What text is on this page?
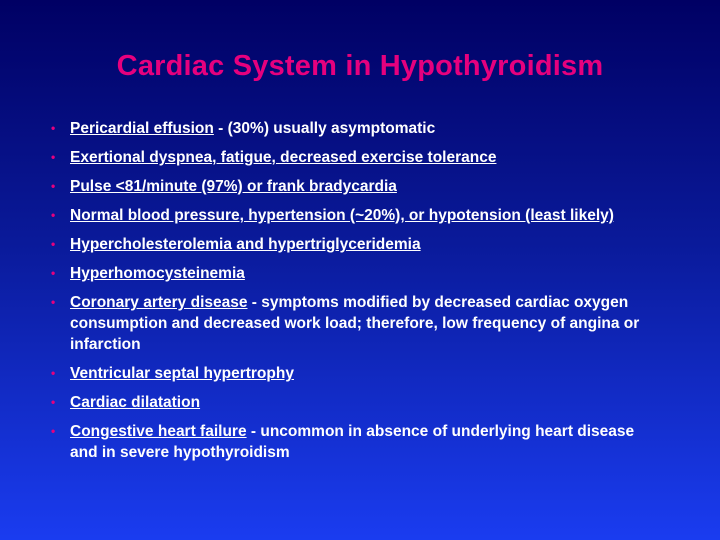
Cardiac System in Hypothyroidism
• Pericardial effusion - (30%) usually asymptomatic
• Exertional dyspnea, fatigue, decreased exercise tolerance
• Pulse <81/minute (97%) or frank bradycardia
• Normal blood pressure, hypertension (~20%), or hypotension (least likely)
• Hypercholesterolemia and hypertriglyceridemia
• Hyperhomocysteinemia
• Coronary artery disease - symptoms modified by decreased cardiac oxygen consumption and decreased work load; therefore, low frequency of angina or infarction
• Ventricular septal hypertrophy
• Cardiac dilatation
• Congestive heart failure - uncommon in absence of underlying heart disease and in severe hypothyroidism
